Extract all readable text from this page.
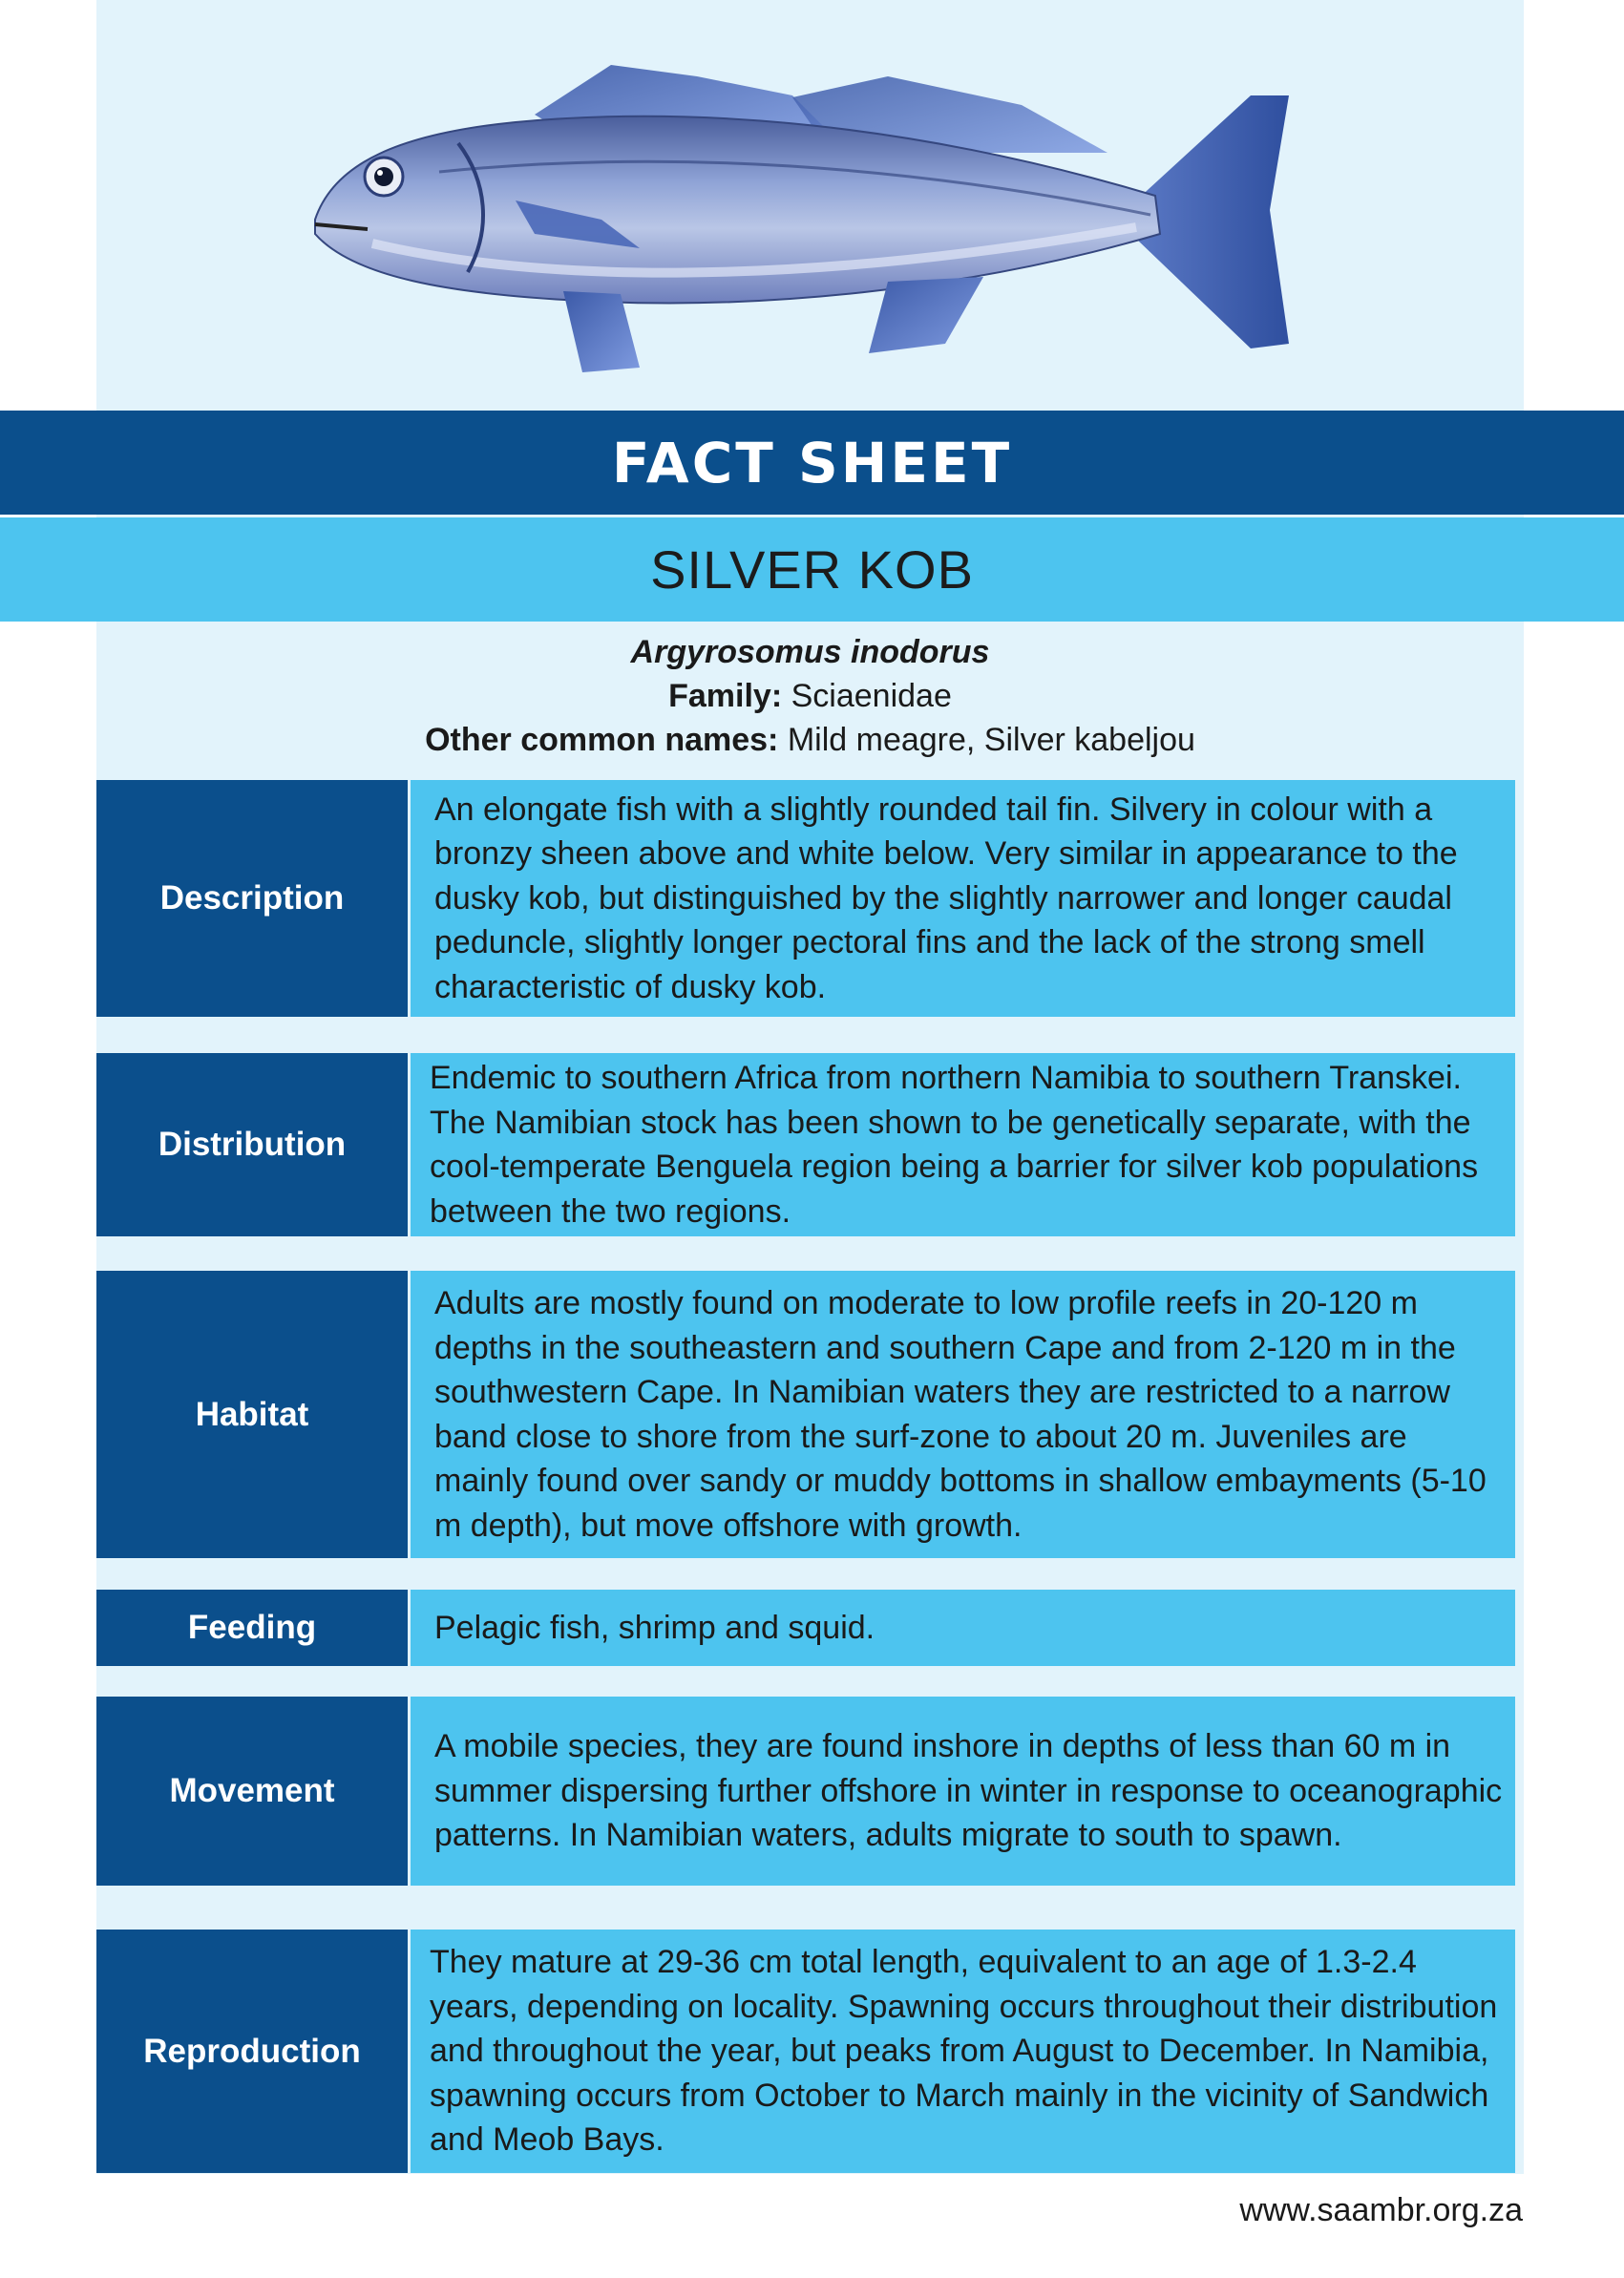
FACT SHEET
SILVER KOB
Argyrosomus inodorus
Family: Sciaenidae
Other common names: Mild meagre, Silver kabeljou
Description

An elongate fish with a slightly rounded tail fin. Silvery in colour with a bronzy sheen above and white below. Very similar in appearance to the dusky kob, but distinguished by the slightly narrower and longer caudal peduncle, slightly longer pectoral fins and the lack of the strong smell characteristic of dusky kob.

Distribution

Endemic to southern Africa from northern Namibia to southern Transkei. The Namibian stock has been shown to be genetically separate, with the cool-temperate Benguela region being a barrier for silver kob populations between the two regions.

Habitat

Adults are mostly found on moderate to low profile reefs in 20-120 m depths in the southeastern and southern Cape and from 2-120 m in the southwestern Cape. In Namibian waters they are restricted to a narrow band close to shore from the surf-zone to about 20 m. Juveniles are mainly found over sandy or muddy bottoms in shallow embayments (5-10 m depth), but move offshore with growth.

Feeding	Pelagic fish, shrimp and squid.

Movement

A mobile species, they are found inshore in depths of less than 60 m in summer dispersing further offshore in winter in response to oceanographic patterns. In Namibian waters, adults migrate to south to spawn.

Reproduction

They mature at 29-36 cm total length, equivalent to an age of 1.3-2.4 years, depending on locality. Spawning occurs throughout their distribution and throughout the year, but peaks from August to December. In Namibia, spawning occurs from October to March mainly in the vicinity of Sandwich and Meob Bays.

www.saambr.org.za
